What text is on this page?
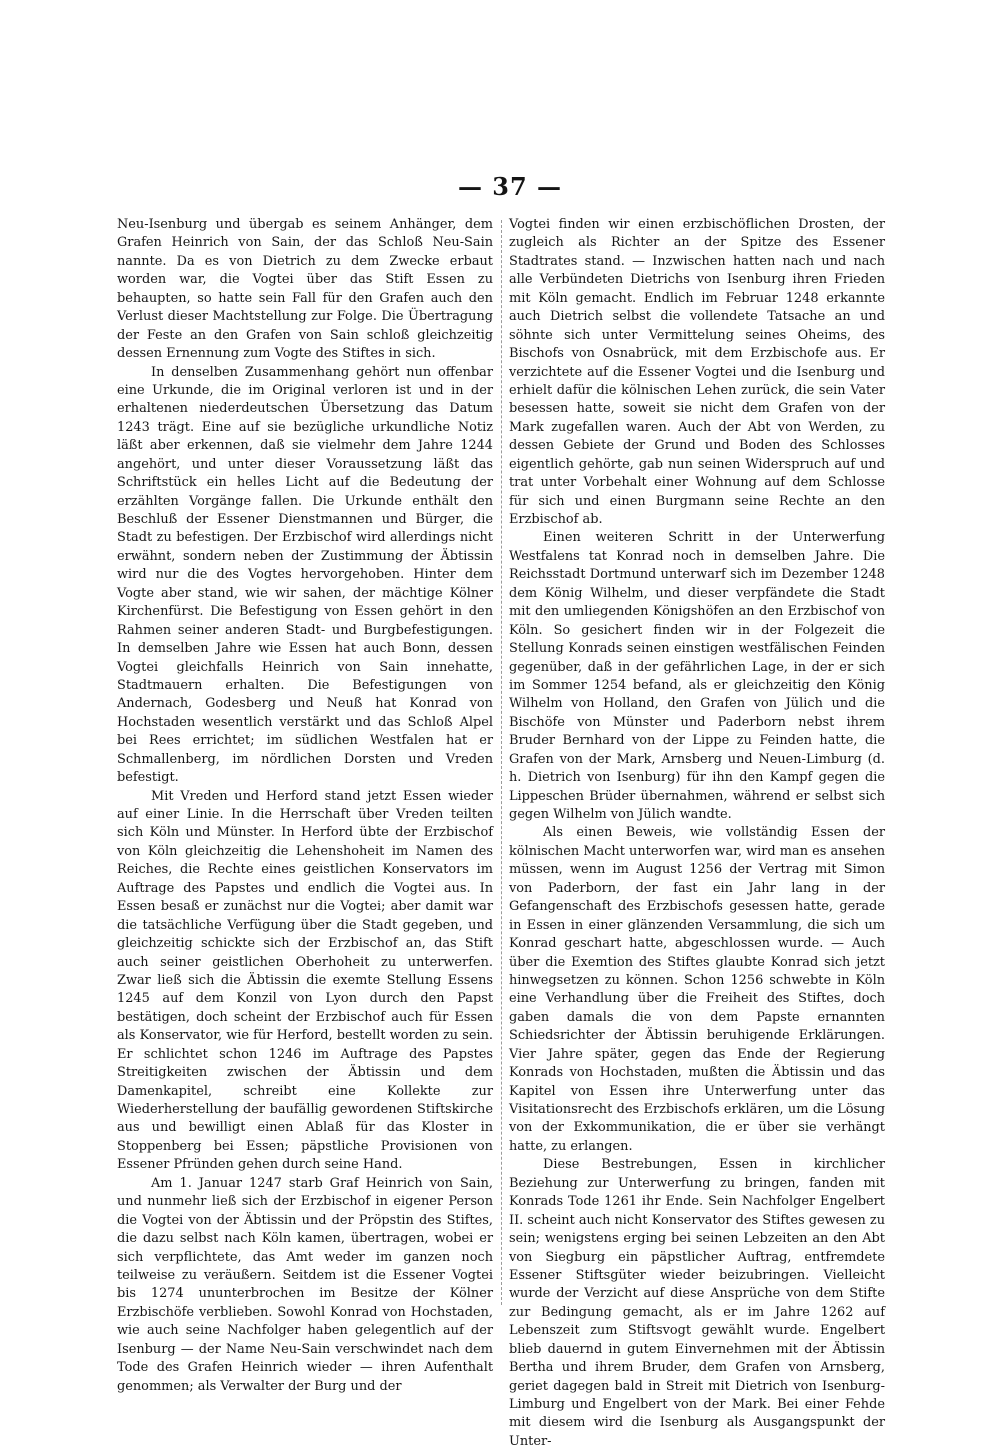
— 37 —

Neu-Isenburg und übergab es seinem Anhänger, dem Grafen Heinrich von Sain, der das Schloß Neu-Sain nannte. Da es von Dietrich zu dem Zwecke erbaut worden war, die Vogtei über das Stift Essen zu behaupten, so hatte sein Fall für den Grafen auch den Verlust dieser Machtstellung zur Folge. Die Übertragung der Feste an den Grafen von Sain schloß gleichzeitig dessen Ernennung zum Vogte des Stiftes in sich.

In denselben Zusammenhang gehört nun offenbar eine Urkunde, die im Original verloren ist und in der erhaltenen niederdeutschen Übersetzung das Datum 1243 trägt. Eine auf sie bezügliche urkundliche Notiz läßt aber erkennen, daß sie vielmehr dem Jahre 1244 angehört, und unter dieser Voraussetzung läßt das Schriftstück ein helles Licht auf die Bedeutung der erzählten Vorgänge fallen. Die Urkunde enthält den Beschluß der Essener Dienstmannen und Bürger, die Stadt zu befestigen. Der Erzbischof wird allerdings nicht erwähnt, sondern neben der Zustimmung der Äbtissin wird nur die des Vogtes hervorgehoben. Hinter dem Vogte aber stand, wie wir sahen, der mächtige Kölner Kirchenfürst. Die Befestigung von Essen gehört in den Rahmen seiner anderen Stadt- und Burgbefestigungen. In demselben Jahre wie Essen hat auch Bonn, dessen Vogtei gleichfalls Heinrich von Sain innehatte, Stadtmauern erhalten. Die Befestigungen von Andernach, Godesberg und Neuß hat Konrad von Hochstaden wesentlich verstärkt und das Schloß Alpel bei Rees errichtet; im südlichen Westfalen hat er Schmallenberg, im nördlichen Dorsten und Vreden befestigt.

Mit Vreden und Herford stand jetzt Essen wieder auf einer Linie. In die Herrschaft über Vreden teilten sich Köln und Münster. In Herford übte der Erzbischof von Köln gleichzeitig die Lehenshoheit im Namen des Reiches, die Rechte eines geistlichen Konservators im Auftrage des Papstes und endlich die Vogtei aus. In Essen besaß er zunächst nur die Vogtei; aber damit war die tatsächliche Verfügung über die Stadt gegeben, und gleichzeitig schickte sich der Erzbischof an, das Stift auch seiner geistlichen Oberhoheit zu unterwerfen. Zwar ließ sich die Äbtissin die exemte Stellung Essens 1245 auf dem Konzil von Lyon durch den Papst bestätigen, doch scheint der Erzbischof auch für Essen als Konservator, wie für Herford, bestellt worden zu sein. Er schlichtet schon 1246 im Auftrage des Papstes Streitigkeiten zwischen der Äbtissin und dem Damenkapitel, schreibt eine Kollekte zur Wiederherstellung der baufällig gewordenen Stiftskirche aus und bewilligt einen Ablaß für das Kloster in Stoppenberg bei Essen; päpstliche Provisionen von Essener Pfründen gehen durch seine Hand.

Am 1. Januar 1247 starb Graf Heinrich von Sain, und nunmehr ließ sich der Erzbischof in eigener Person die Vogtei von der Äbtissin und der Pröpstin des Stiftes, die dazu selbst nach Köln kamen, übertragen, wobei er sich verpflichtete, das Amt weder im ganzen noch teilweise zu veräußern. Seitdem ist die Essener Vogtei bis 1274 ununterbrochen im Besitze der Kölner Erzbischöfe verblieben. Sowohl Konrad von Hochstaden, wie auch seine Nachfolger haben gelegentlich auf der Isenburg — der Name Neu-Sain verschwindet nach dem Tode des Grafen Heinrich wieder — ihren Aufenthalt genommen; als Verwalter der Burg und der

Vogtei finden wir einen erzbischöflichen Drosten, der zugleich als Richter an der Spitze des Essener Stadtrates stand. — Inzwischen hatten nach und nach alle Verbündeten Dietrichs von Isenburg ihren Frieden mit Köln gemacht. Endlich im Februar 1248 erkannte auch Dietrich selbst die vollendete Tatsache an und söhnte sich unter Vermittelung seines Oheims, des Bischofs von Osnabrück, mit dem Erzbischofe aus. Er verzichtete auf die Essener Vogtei und die Isenburg und erhielt dafür die kölnischen Lehen zurück, die sein Vater besessen hatte, soweit sie nicht dem Grafen von der Mark zugefallen waren. Auch der Abt von Werden, zu dessen Gebiete der Grund und Boden des Schlosses eigentlich gehörte, gab nun seinen Widerspruch auf und trat unter Vorbehalt einer Wohnung auf dem Schlosse für sich und einen Burgmann seine Rechte an den Erzbischof ab.

Einen weiteren Schritt in der Unterwerfung Westfalens tat Konrad noch in demselben Jahre. Die Reichsstadt Dortmund unterwarf sich im Dezember 1248 dem König Wilhelm, und dieser verpfändete die Stadt mit den umliegenden Königshöfen an den Erzbischof von Köln. So gesichert finden wir in der Folgezeit die Stellung Konrads seinen einstigen westfälischen Feinden gegenüber, daß in der gefährlichen Lage, in der er sich im Sommer 1254 befand, als er gleichzeitig den König Wilhelm von Holland, den Grafen von Jülich und die Bischöfe von Münster und Paderborn nebst ihrem Bruder Bernhard von der Lippe zu Feinden hatte, die Grafen von der Mark, Arnsberg und Neuen-Limburg (d. h. Dietrich von Isenburg) für ihn den Kampf gegen die Lippeschen Brüder übernahmen, während er selbst sich gegen Wilhelm von Jülich wandte.

Als einen Beweis, wie vollständig Essen der kölnischen Macht unterworfen war, wird man es ansehen müssen, wenn im August 1256 der Vertrag mit Simon von Paderborn, der fast ein Jahr lang in der Gefangenschaft des Erzbischofs gesessen hatte, gerade in Essen in einer glänzenden Versammlung, die sich um Konrad geschart hatte, abgeschlossen wurde. — Auch über die Exemtion des Stiftes glaubte Konrad sich jetzt hinwegsetzen zu können. Schon 1256 schwebte in Köln eine Verhandlung über die Freiheit des Stiftes, doch gaben damals die von dem Papste ernannten Schiedsrichter der Äbtissin beruhigende Erklärungen. Vier Jahre später, gegen das Ende der Regierung Konrads von Hochstaden, mußten die Äbtissin und das Kapitel von Essen ihre Unterwerfung unter das Visitationsrecht des Erzbischofs erklären, um die Lösung von der Exkommunikation, die er über sie verhängt hatte, zu erlangen.

Diese Bestrebungen, Essen in kirchlicher Beziehung zur Unterwerfung zu bringen, fanden mit Konrads Tode 1261 ihr Ende. Sein Nachfolger Engelbert II. scheint auch nicht Konservator des Stiftes gewesen zu sein; wenigstens erging bei seinen Lebzeiten an den Abt von Siegburg ein päpstlicher Auftrag, entfremdete Essener Stiftsgüter wieder beizubringen. Vielleicht wurde der Verzicht auf diese Ansprüche von dem Stifte zur Bedingung gemacht, als er im Jahre 1262 auf Lebenszeit zum Stiftsvogt gewählt wurde. Engelbert blieb dauernd in gutem Einvernehmen mit der Äbtissin Bertha und ihrem Bruder, dem Grafen von Arnsberg, geriet dagegen bald in Streit mit Dietrich von Isenburg-Limburg und Engelbert von der Mark. Bei einer Fehde mit diesem wird die Isenburg als Ausgangspunkt der Unter-
